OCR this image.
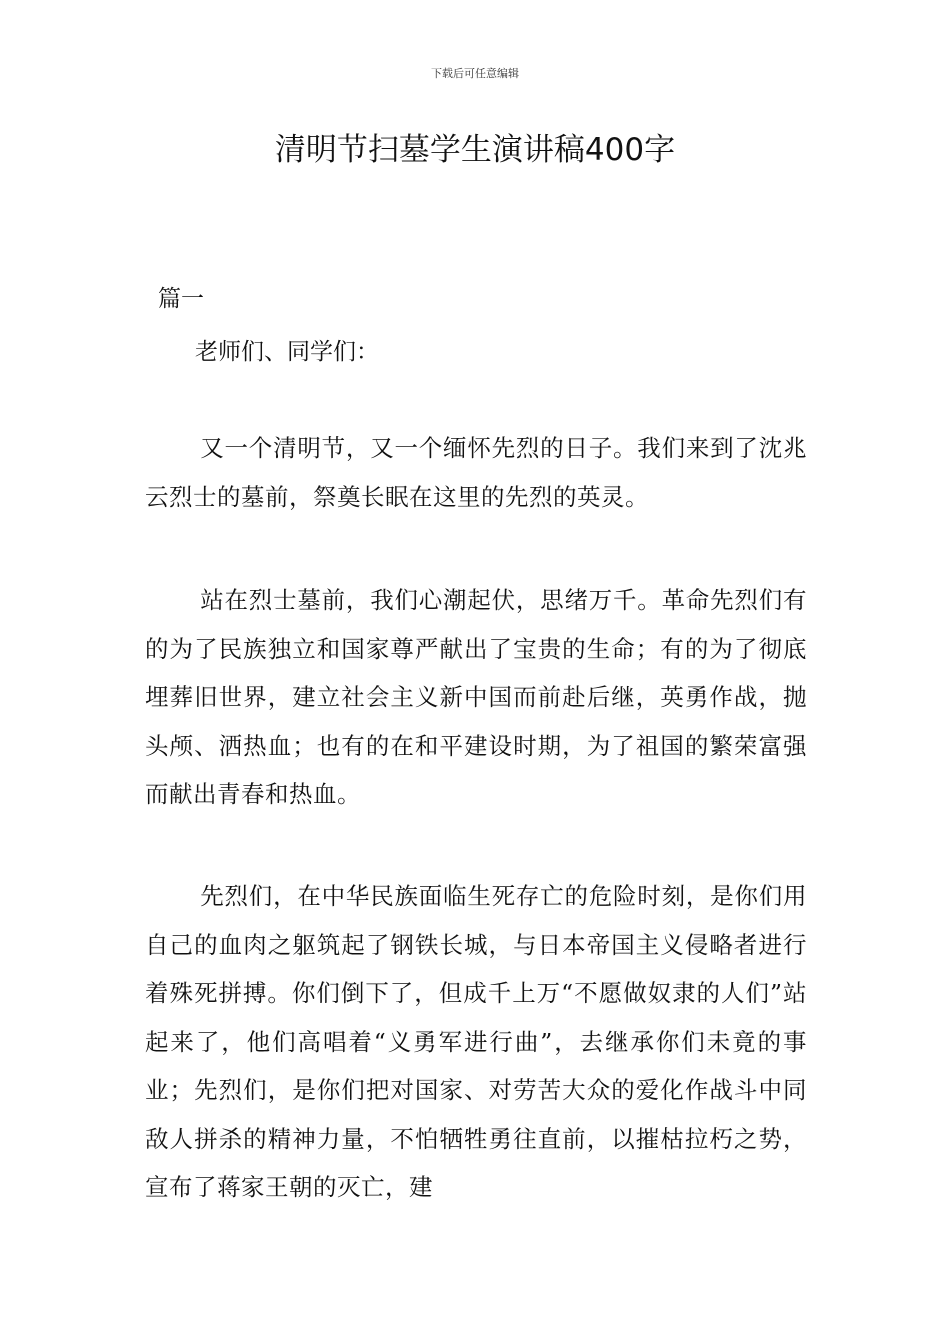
下载后可任意编辑
清明节扫墓学生演讲稿400字
篇一
老师们、同学们：

又一个清明节，又一个缅怀先烈的日子。我们来到了沈兆云烈士的墓前，祭奠长眠在这里的先烈的英灵。

站在烈士墓前，我们心潮起伏，思绪万千。革命先烈们有的为了民族独立和国家尊严献出了宝贵的生命；有的为了彻底埋葬旧世界，建立社会主义新中国而前赴后继，英勇作战，抛头颅、洒热血；也有的在和平建设时期，为了祖国的繁荣富强而献出青春和热血。

先烈们，在中华民族面临生死存亡的危险时刻，是你们用自己的血肉之躯筑起了钢铁长城，与日本帝国主义侵略者进行着殊死拼搏。你们倒下了，但成千上万“不愿做奴隶的人们”站起来了，他们高唱着“义勇军进行曲”，去继承你们未竟的事业；先烈们，是你们把对国家、对劳苦大众的爱化作战斗中同敌人拼杀的精神力量，不怕牺牲勇往直前，以摧枯拉朽之势，宣布了蒋家王朝的灭亡，建
